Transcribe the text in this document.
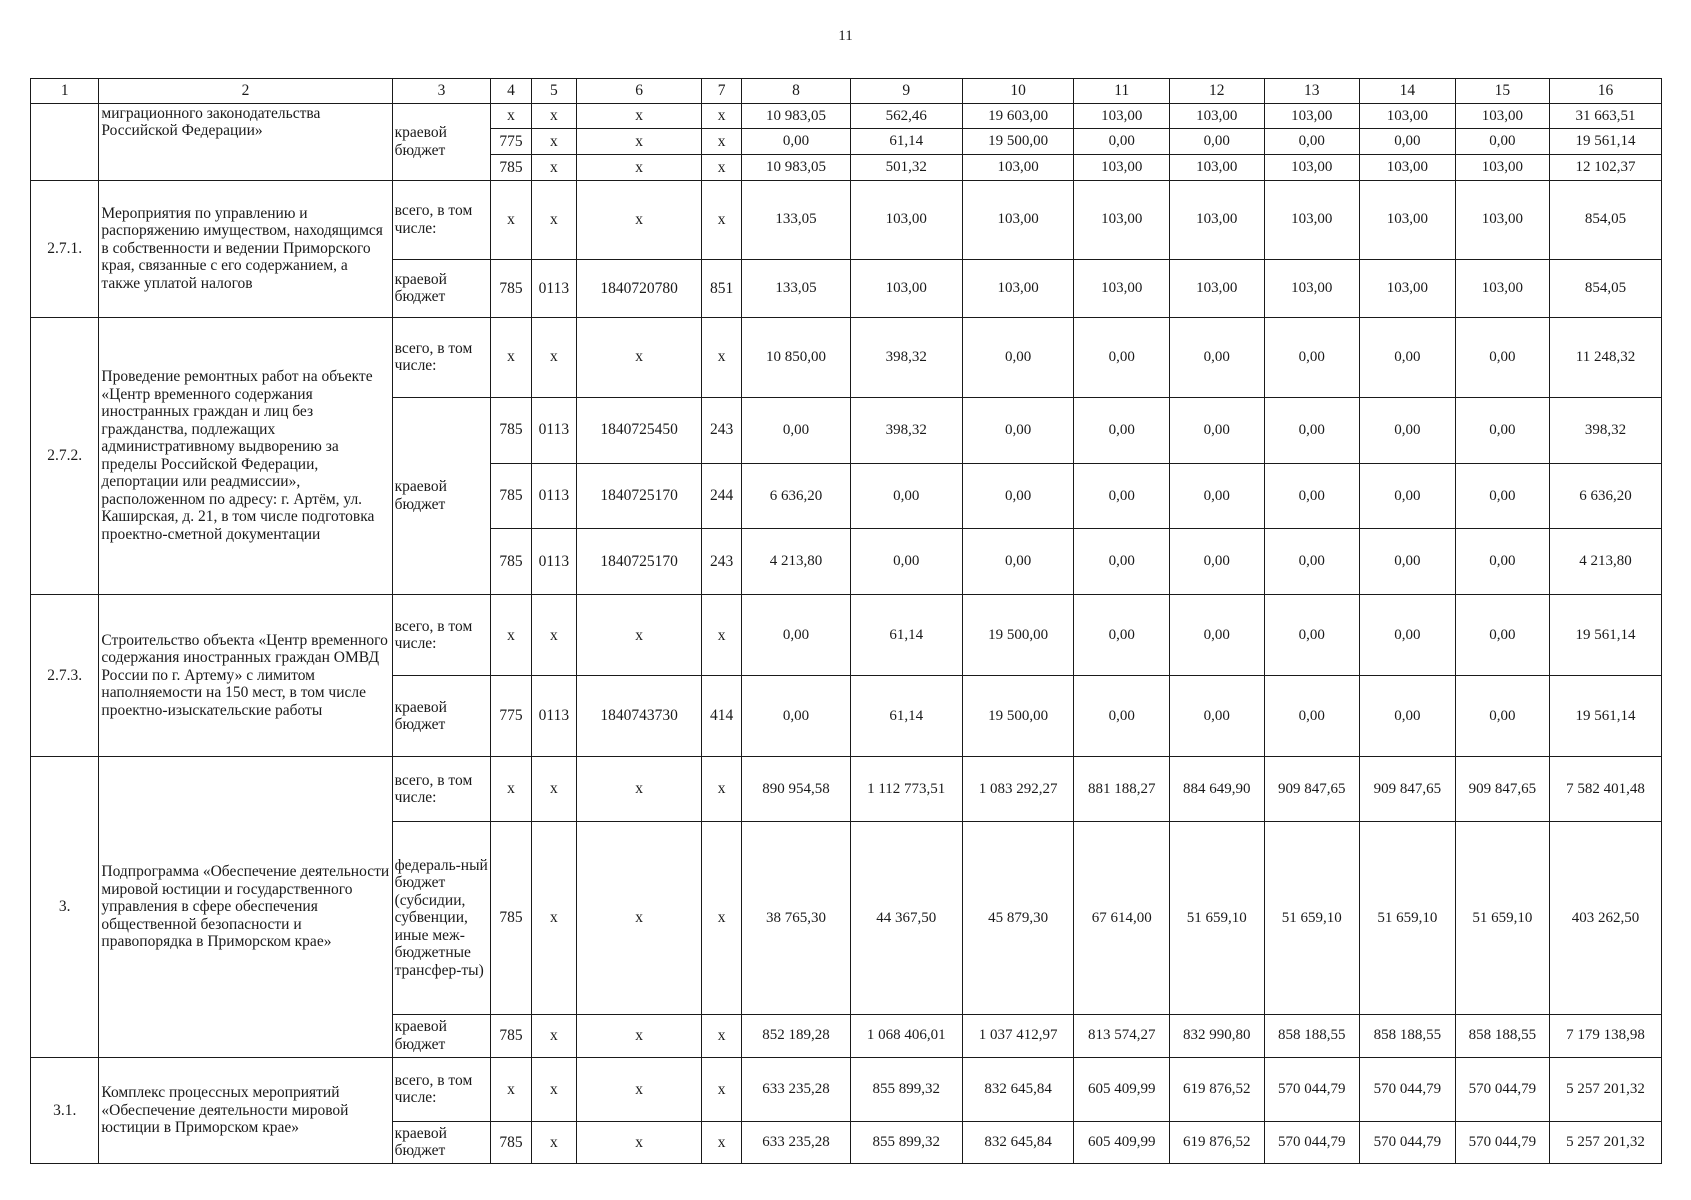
11
1	2	3	4	5	6	7	8	9	10	11	12	13	14	15	16
	миграционного законодательства Российской Федерации»	краевой бюджет	х	х	х	х	10 983,05	562,46	19 603,00	103,00	103,00	103,00	103,00	103,00	31 663,51
			775	х	х	х	0,00	61,14	19 500,00	0,00	0,00	0,00	0,00	0,00	19 561,14
			785	х	х	х	10 983,05	501,32	103,00	103,00	103,00	103,00	103,00	103,00	12 102,37
2.7.1.	Мероприятия по управлению и распоряжению имуществом, находящимся в собственности и ведении Приморского края, связанные с его содержанием, а также уплатой налогов	всего, в том числе:	х	х	х	х	133,05	103,00	103,00	103,00	103,00	103,00	103,00	103,00	854,05
		краевой бюджет	785	0113	1840720780	851	133,05	103,00	103,00	103,00	103,00	103,00	103,00	103,00	854,05
2.7.2.	Проведение ремонтных работ на объекте «Центр временного содержания иностранных граждан и лиц без гражданства, подлежащих административному выдворению за пределы Российской Федерации, депортации или реадмиссии», расположенном по адресу: г. Артём, ул. Каширская, д. 21, в том числе подготовка проектно-сметной документации	всего, в том числе:	х	х	х	х	10 850,00	398,32	0,00	0,00	0,00	0,00	0,00	0,00	11 248,32
		краевой бюджет	785	0113	1840725450	243	0,00	398,32	0,00	0,00	0,00	0,00	0,00	0,00	398,32
			785	0113	1840725170	244	6 636,20	0,00	0,00	0,00	0,00	0,00	0,00	0,00	6 636,20
			785	0113	1840725170	243	4 213,80	0,00	0,00	0,00	0,00	0,00	0,00	0,00	4 213,80
2.7.3.	Строительство объекта «Центр временного содержания иностранных граждан ОМВД России по г. Артему» с лимитом наполняемости на 150 мест, в том числе проектно-изыскательские работы	всего, в том числе:	х	х	х	х	0,00	61,14	19 500,00	0,00	0,00	0,00	0,00	0,00	19 561,14
		краевой бюджет	775	0113	1840743730	414	0,00	61,14	19 500,00	0,00	0,00	0,00	0,00	0,00	19 561,14
3.	Подпрограмма «Обеспечение деятельности мировой юстиции и государственного управления в сфере обеспечения общественной безопасности и правопорядка в Приморском крае»	всего, в том числе:	х	х	х	х	890 954,58	1 112 773,51	1 083 292,27	881 188,27	884 649,90	909 847,65	909 847,65	909 847,65	7 582 401,48
		федераль-ный бюджет (субсидии, субвенции, иные меж-бюджетные трансфер-ты)	785	х	х	х	38 765,30	44 367,50	45 879,30	67 614,00	51 659,10	51 659,10	51 659,10	51 659,10	403 262,50
		краевой бюджет	785	х	х	х	852 189,28	1 068 406,01	1 037 412,97	813 574,27	832 990,80	858 188,55	858 188,55	858 188,55	7 179 138,98
3.1.	Комплекс процессных мероприятий «Обеспечение деятельности мировой юстиции в Приморском крае»	всего, в том числе:	х	х	х	х	633 235,28	855 899,32	832 645,84	605 409,99	619 876,52	570 044,79	570 044,79	570 044,79	5 257 201,32
		краевой бюджет	785	х	х	х	633 235,28	855 899,32	832 645,84	605 409,99	619 876,52	570 044,79	570 044,79	570 044,79	5 257 201,32
